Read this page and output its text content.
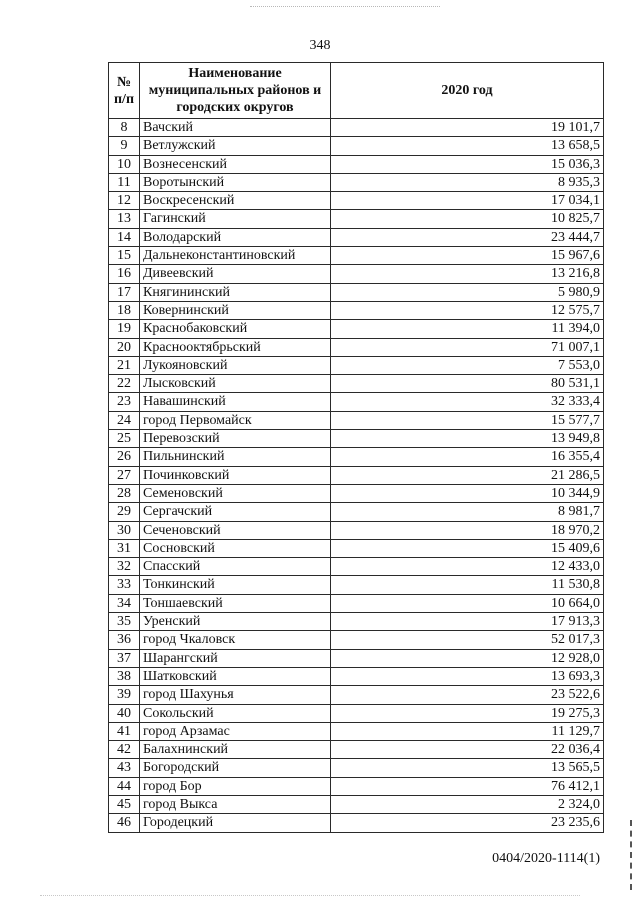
348
№ п/п	Наименование муниципальных районов и городских округов	2020 год
8	Вачский	19 101,7
9	Ветлужский	13 658,5
10	Вознесенский	15 036,3
11	Воротынский	8 935,3
12	Воскресенский	17 034,1
13	Гагинский	10 825,7
14	Володарский	23 444,7
15	Дальнеконстантиновский	15 967,6
16	Дивеевский	13 216,8
17	Княгининский	5 980,9
18	Ковернинский	12 575,7
19	Краснобаковский	11 394,0
20	Краснооктябрьский	71 007,1
21	Лукояновский	7 553,0
22	Лысковский	80 531,1
23	Навашинский	32 333,4
24	город Первомайск	15 577,7
25	Перевозский	13 949,8
26	Пильнинский	16 355,4
27	Починковский	21 286,5
28	Семеновский	10 344,9
29	Сергачский	8 981,7
30	Сеченовский	18 970,2
31	Сосновский	15 409,6
32	Спасский	12 433,0
33	Тонкинский	11 530,8
34	Тоншаевский	10 664,0
35	Уренский	17 913,3
36	город Чкаловск	52 017,3
37	Шарангский	12 928,0
38	Шатковский	13 693,3
39	город Шахунья	23 522,6
40	Сокольский	19 275,3
41	город Арзамас	11 129,7
42	Балахнинский	22 036,4
43	Богородский	13 565,5
44	город Бор	76 412,1
45	город Выкса	2 324,0
46	Городецкий	23 235,6
0404/2020-1114(1)
